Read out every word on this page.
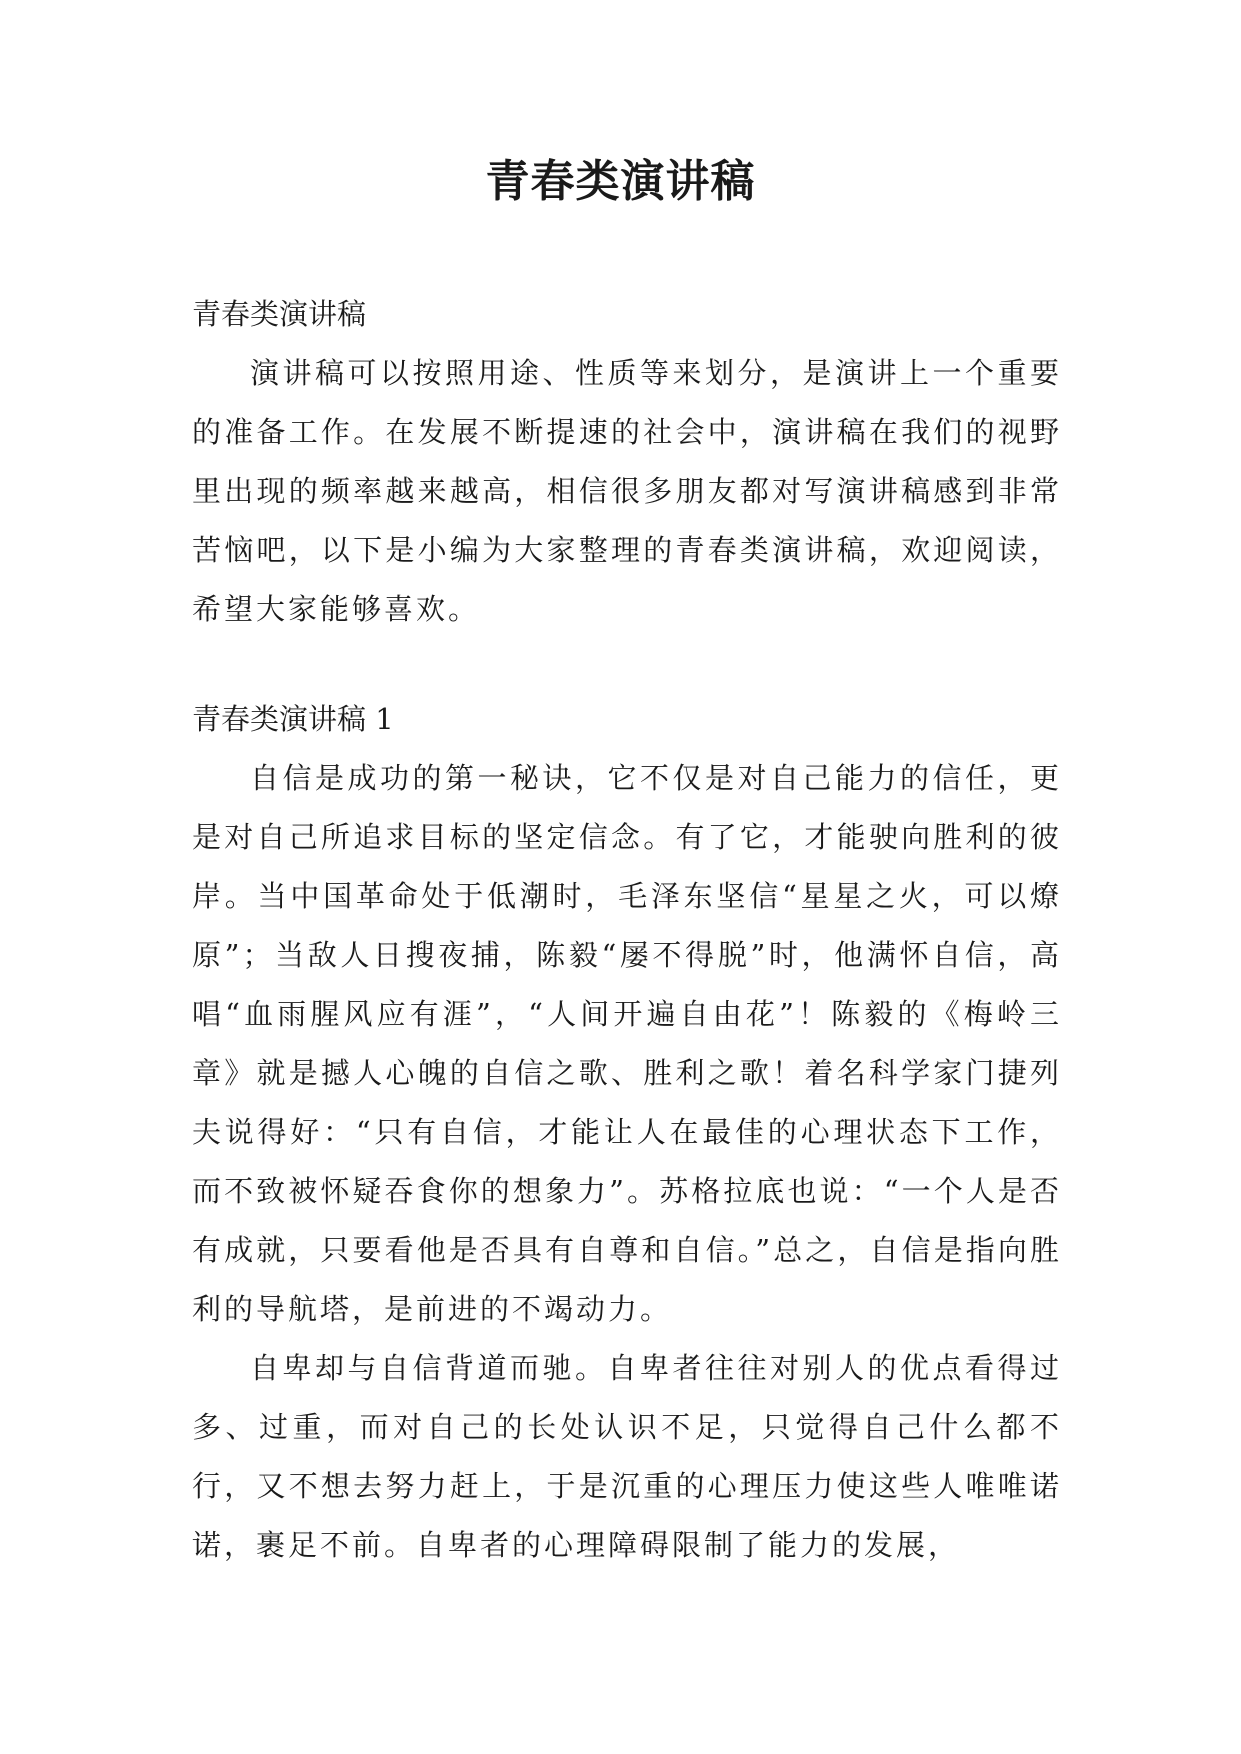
青春类演讲稿

青春类演讲稿

演讲稿可以按照用途、性质等来划分，是演讲上一个重要的准备工作。在发展不断提速的社会中，演讲稿在我们的视野里出现的频率越来越高，相信很多朋友都对写演讲稿感到非常苦恼吧，以下是小编为大家整理的青春类演讲稿，欢迎阅读，希望大家能够喜欢。

青春类演讲稿 1

自信是成功的第一秘诀，它不仅是对自己能力的信任，更是对自己所追求目标的坚定信念。有了它，才能驶向胜利的彼岸。当中国革命处于低潮时，毛泽东坚信“星星之火，可以燎原”；当敌人日搜夜捕，陈毅“屡不得脱”时，他满怀自信，高唱“血雨腥风应有涯”，“人间开遍自由花”！陈毅的《梅岭三章》就是撼人心魄的自信之歌、胜利之歌！着名科学家门捷列夫说得好：“只有自信，才能让人在最佳的心理状态下工作，而不致被怀疑吞食你的想象力”。苏格拉底也说：“一个人是否有成就，只要看他是否具有自尊和自信。”总之，自信是指向胜利的导航塔，是前进的不竭动力。

自卑却与自信背道而驰。自卑者往往对别人的优点看得过多、过重，而对自己的长处认识不足，只觉得自己什么都不行，又不想去努力赶上，于是沉重的心理压力使这些人唯唯诺诺，裹足不前。自卑者的心理障碍限制了能力的发展，
